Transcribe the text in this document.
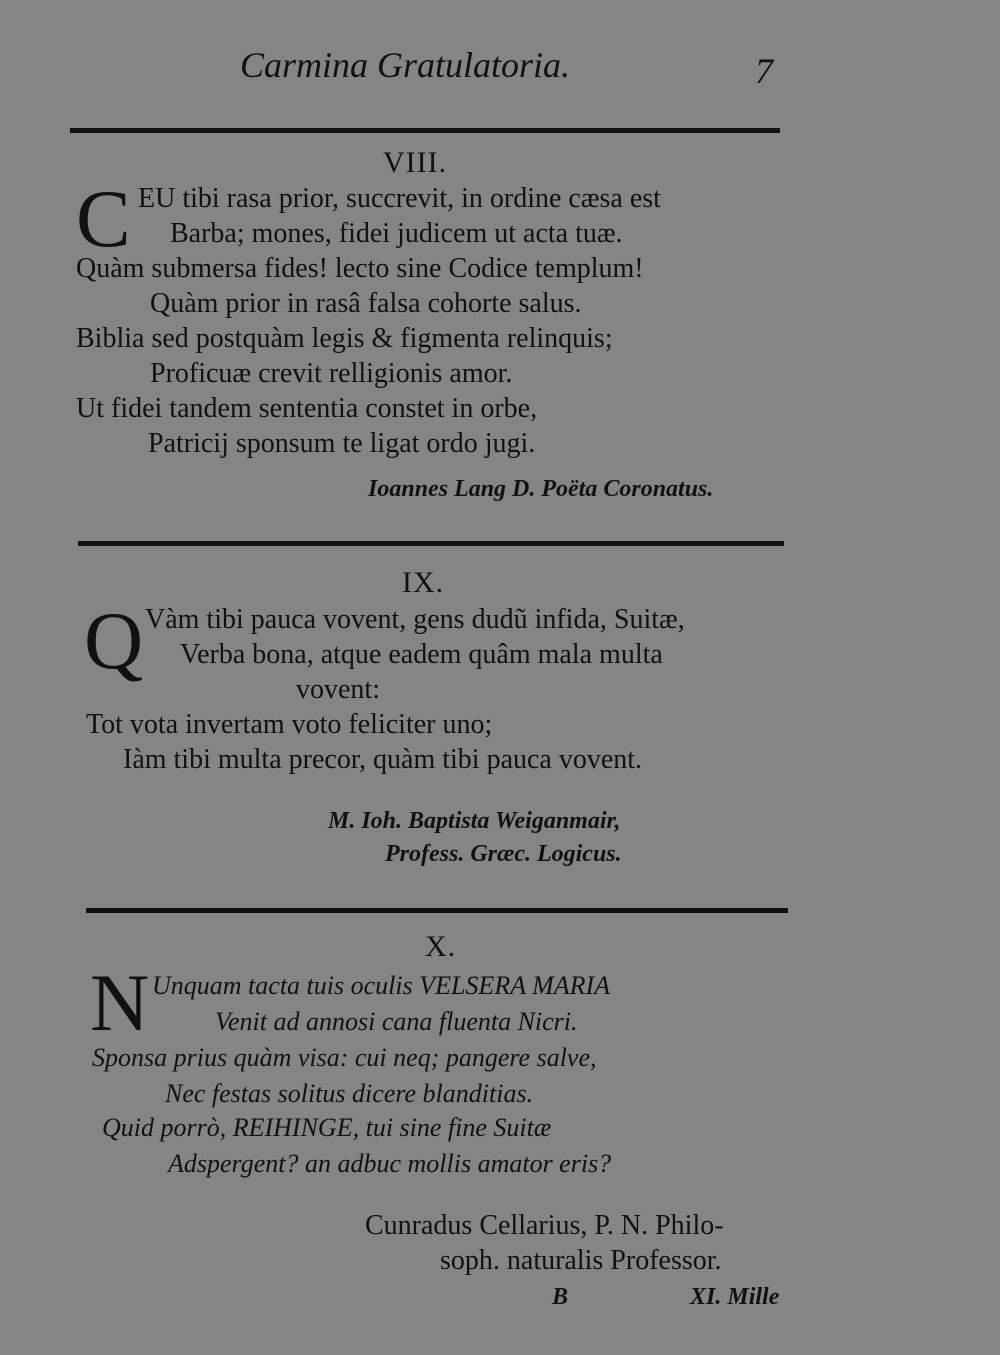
Carmina Gratulatoria.	7
VIII.
C EU tibi rasa prior, succrevit, in ordine cæsa est
Barba; mones, fidei judicem ut acta tuæ.
Quàm submersa fides! lecto sine Codice templum!
Quàm prior in rasâ falsa cohorte salus.
Biblia sed postquàm legis & figmenta relinquis;
Proficuæ crevit relligionis amor.
Ut fidei tandem sententia constet in orbe,
Patricij sponsum te ligat ordo jugi.
Ioannes Lang D. Poëta Coronatus.
IX.
Q Vàm tibi pauca vovent, gens dudũ infida, Suitæ,
Verba bona, atque eadem quâm mala multa
vovent:
Tot vota invertam voto feliciter uno;
Iàm tibi multa precor, quàm tibi pauca vovent.
M. Ioh. Baptista Weiganmair,
Profess. Græc. Logicus.
X.
N Unquam tacta tuis oculis VELSERA MARIA
Venit ad annosi cana fluenta Nicri.
Sponsa prius quàm visa: cui neq; pangere salve,
Nec festas solitus dicere blanditias.
Quid porrò, REIHINGE, tui sine fine Suitæ
Adspergent? an adbuc mollis amator eris?
Cunradus Cellarius, P. N. Philo-
soph. naturalis Professor.
B	XI. Mille
